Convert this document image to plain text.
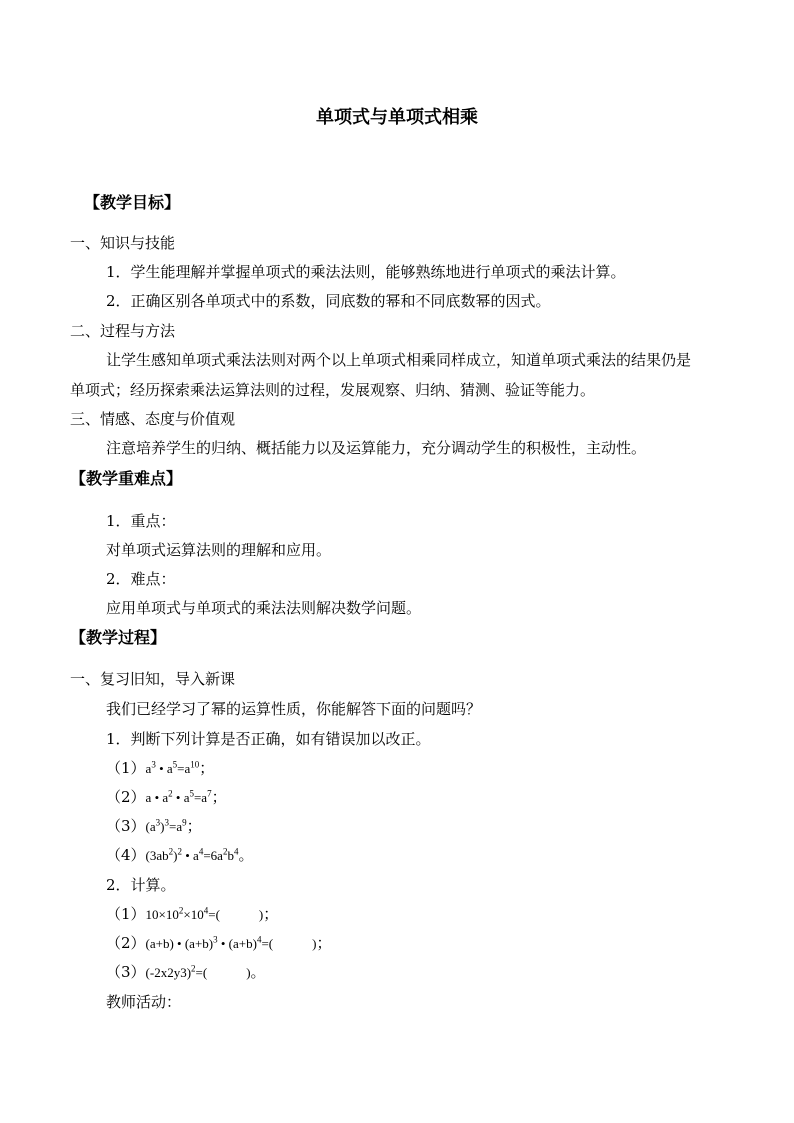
单项式与单项式相乘
【教学目标】
一、知识与技能
1．学生能理解并掌握单项式的乘法法则，能够熟练地进行单项式的乘法计算。
2．正确区别各单项式中的系数，同底数的幂和不同底数幂的因式。
二、过程与方法
让学生感知单项式乘法法则对两个以上单项式相乘同样成立，知道单项式乘法的结果仍是
单项式；经历探索乘法运算法则的过程，发展观察、归纳、猜测、验证等能力。
三、情感、态度与价值观
注意培养学生的归纳、概括能力以及运算能力，充分调动学生的积极性，主动性。
【教学重难点】
1．重点：
对单项式运算法则的理解和应用。
2．难点：
应用单项式与单项式的乘法法则解决数学问题。
【教学过程】
一、复习旧知，导入新课
我们已经学习了幂的运算性质，你能解答下面的问题吗？
1．判断下列计算是否正确，如有错误加以改正。
$(1)a^3$ • $a^5=a^{10}$；
（2）a • $a^2$ • $a^5=a^7$；
$(3)(a^3)^3=a^9$；
$(4)(3ab^2)^2$ • $a^4=6a^2b^4$。
2．计算。
$(1)10\times 10^2\times 10^4=$(            )；
（2）(a+b) • $(a+b)^3$ • $(a+b)^4=$(            )；
$(3)(-2x2y3)^2=$(            )。
教师活动：
